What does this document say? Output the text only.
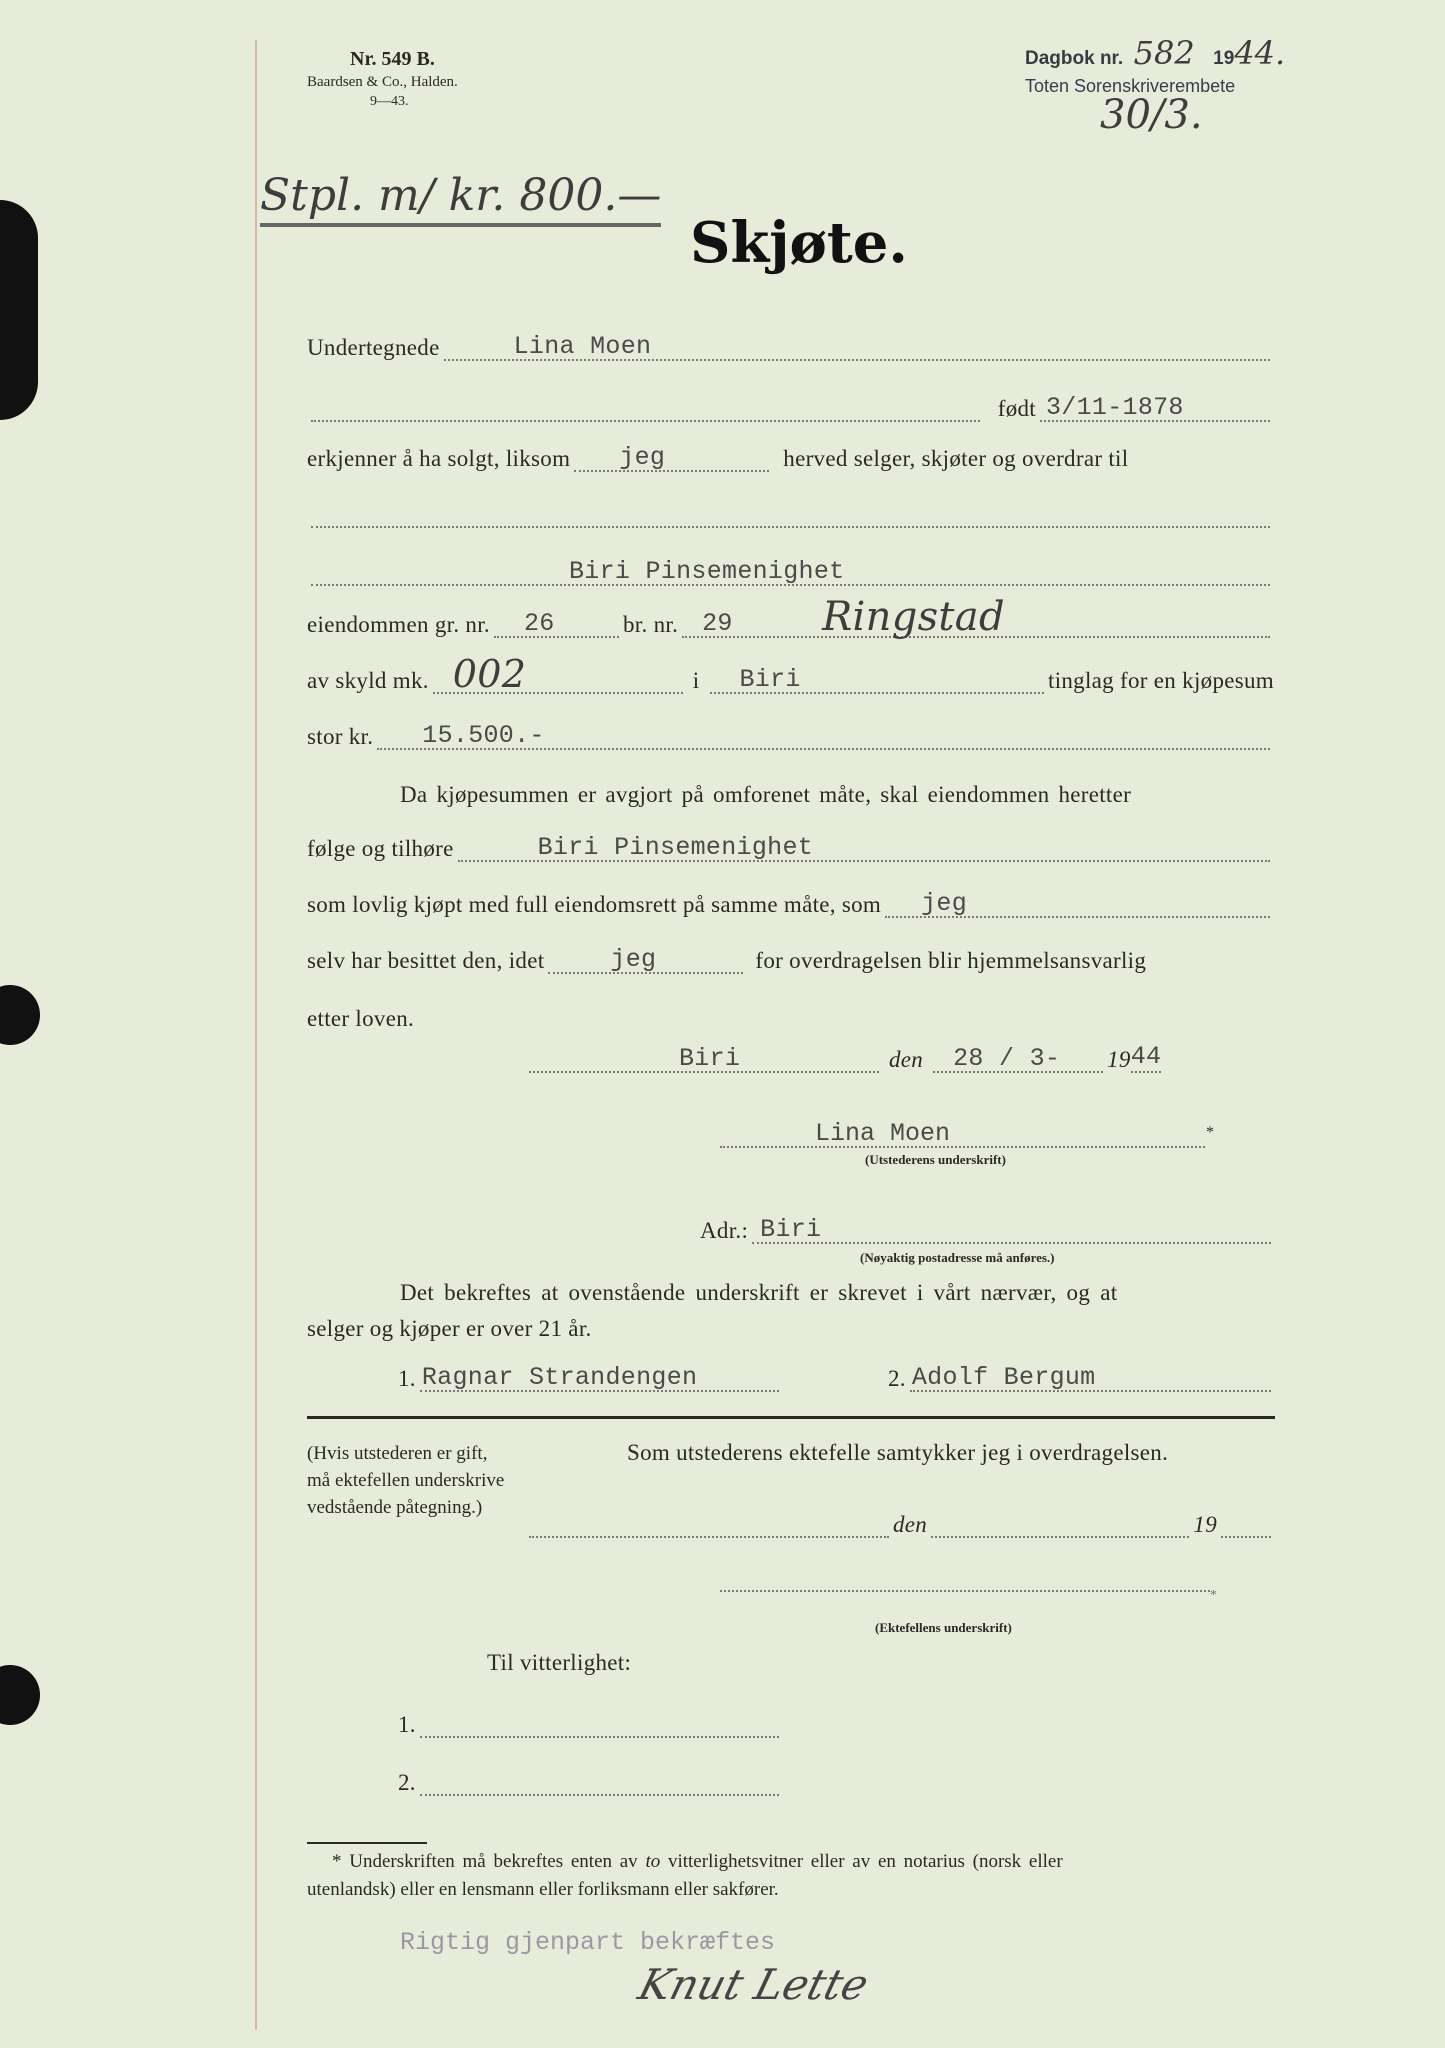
Nr. 549 B.
Baardsen & Co., Halden.
9—43.
Dagbok nr. 582 1944.
Toten Sorenskriverembete
30/3.
Stpl. m/ kr. 800.—
Skjøte.
Undertegnede	Lina Moen
født 3/11-1878
erkjenner å ha solgt, liksom jeg	herved selger, skjøter og overdrar til
Biri Pinsemenighet
eiendommen gr. nr. 26	br. nr. 29 Ringstad
av skyld mk. 002	i Biri	tinglag for en kjøpesum
stor kr. 15.500.-
Da kjøpesummen er avgjort på omforenet måte, skal eiendommen heretter
følge og tilhøre	Biri Pinsemenighet
som lovlig kjøpt med full eiendomsrett på samme måte, som jeg
selv har besittet den, idet	jeg	for overdragelsen blir hjemmelsansvarlig
etter loven.
Biri	den 28 / 3- 19 44
Lina Moen	*
(Utstederens underskrift)
Adr.: Biri
(Nøyaktig postadresse må anføres.)
Det bekreftes at ovenstående underskrift er skrevet i vårt nærvær, og at
selger og kjøper er over 21 år.
1. Ragnar Strandengen	2. Adolf Bergum
(Hvis utstederen er gift,
må ektefellen underskrive
vedstående påtegning.)
Som utstederens ektefelle samtykker jeg i overdragelsen.
den	19
*
(Ektefellens underskrift)
Til vitterlighet:
1.
2.
* Underskriften må bekreftes enten av to vitterlighetsvitner eller av en notarius (norsk eller
utenlandsk) eller en lensmann eller forliksmann eller sakfører.
Rigtig gjenpart bekræftes
Knut Lette
